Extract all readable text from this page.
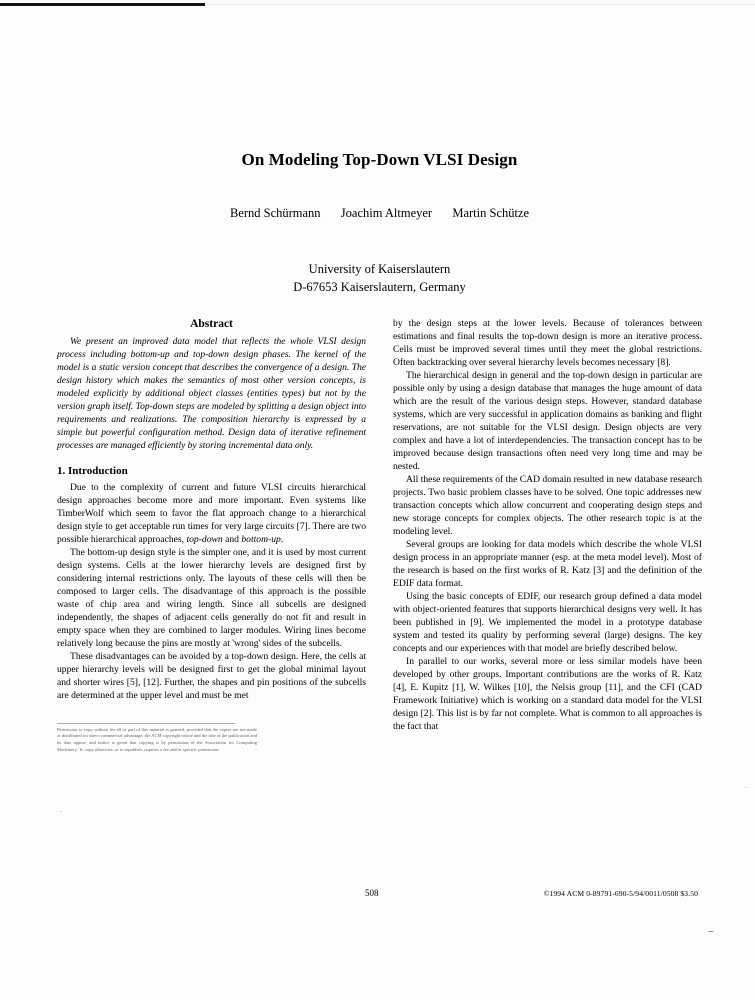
--
.
.
On Modeling Top-Down VLSI Design
Bernd Schürmann Joachim Altmeyer Martin Schütze
University of Kaiserslautern
D-67653 Kaiserslautern, Germany
Abstract

We present an improved data model that reflects the whole VLSI design process including bottom-up and top-down design phases. The kernel of the model is a static version concept that describes the convergence of a design. The design history which makes the semantics of most other version concepts, is modeled explicitly by additional object classes (entities types) but not by the version graph itself. Top-down steps are modeled by splitting a design object into requirements and realizations. The composition hierarchy is expressed by a simple but powerful configuration method. Design data of iterative refinement processes are managed efficiently by storing incremental data only.

1. Introduction

Due to the complexity of current and future VLSI circuits hierarchical design approaches become more and more important. Even systems like TimberWolf which seem to favor the flat approach change to a hierarchical design style to get acceptable run times for very large circuits [7]. There are two possible hierarchical approaches, top-down and bottom-up.

The bottom-up design style is the simpler one, and it is used by most current design systems. Cells at the lower hierarchy levels are designed first by considering internal restrictions only. The layouts of these cells will then be composed to larger cells. The disadvantage of this approach is the possible waste of chip area and wiring length. Since all subcells are designed independently, the shapes of adjacent cells generally do not fit and result in empty space when they are combined to larger modules. Wiring lines become relatively long because the pins are mostly at 'wrong' sides of the subcells.

These disadvantages can be avoided by a top-down design. Here, the cells at upper hierarchy levels will be designed first to get the global minimal layout and shorter wires [5], [12]. Further, the shapes and pin positions of the subcells are determined at the upper level and must be met

Permission to copy without fee all or part of this material is granted, provided that the copies are not made or distributed for direct commercial advantage, the ACM copyright notice and the title of the publication and its date appear, and notice is given that copying is by permission of the Association for Computing Machinery. To copy otherwise, or to republish, requires a fee and/or specific permission.

by the design steps at the lower levels. Because of tolerances between estimations and final results the top-down design is more an iterative process. Cells must be improved several times until they meet the global restrictions. Often backtracking over several hierarchy levels becomes necessary [8].

The hierarchical design in general and the top-down design in particular are possible only by using a design database that manages the huge amount of data which are the result of the various design steps. However, standard database systems, which are very successful in application domains as banking and flight reservations, are not suitable for the VLSI design. Design objects are very complex and have a lot of interdependencies. The transaction concept has to be improved because design transactions often need very long time and may be nested.

All these requirements of the CAD domain resulted in new database research projects. Two basic problem classes have to be solved. One topic addresses new transaction concepts which allow concurrent and cooperating design steps and new storage concepts for complex objects. The other research topic is at the modeling level.

Several groups are looking for data models which describe the whole VLSI design process in an appropriate manner (esp. at the meta model level). Most of the research is based on the first works of R. Katz [3] and the definition of the EDIF data format.

Using the basic concepts of EDIF, our research group defined a data model with object-oriented features that supports hierarchical designs very well. It has been published in [9]. We implemented the model in a prototype database system and tested its quality by performing several (large) designs. The key concepts and our experiences with that model are briefly described below.

In parallel to our works, several more or less similar models have been developed by other groups. Important contributions are the works of R. Katz [4], E. Kupitz [1], W. Wilkes [10], the Nelsis group [11], and the CFI (CAD Framework Initiative) which is working on a standard data model for the VLSI design [2]. This list is by far not complete. What is common to all approaches is the fact that

508	©1994 ACM 0-89791-690-5/94/0011/0508 $3.50
